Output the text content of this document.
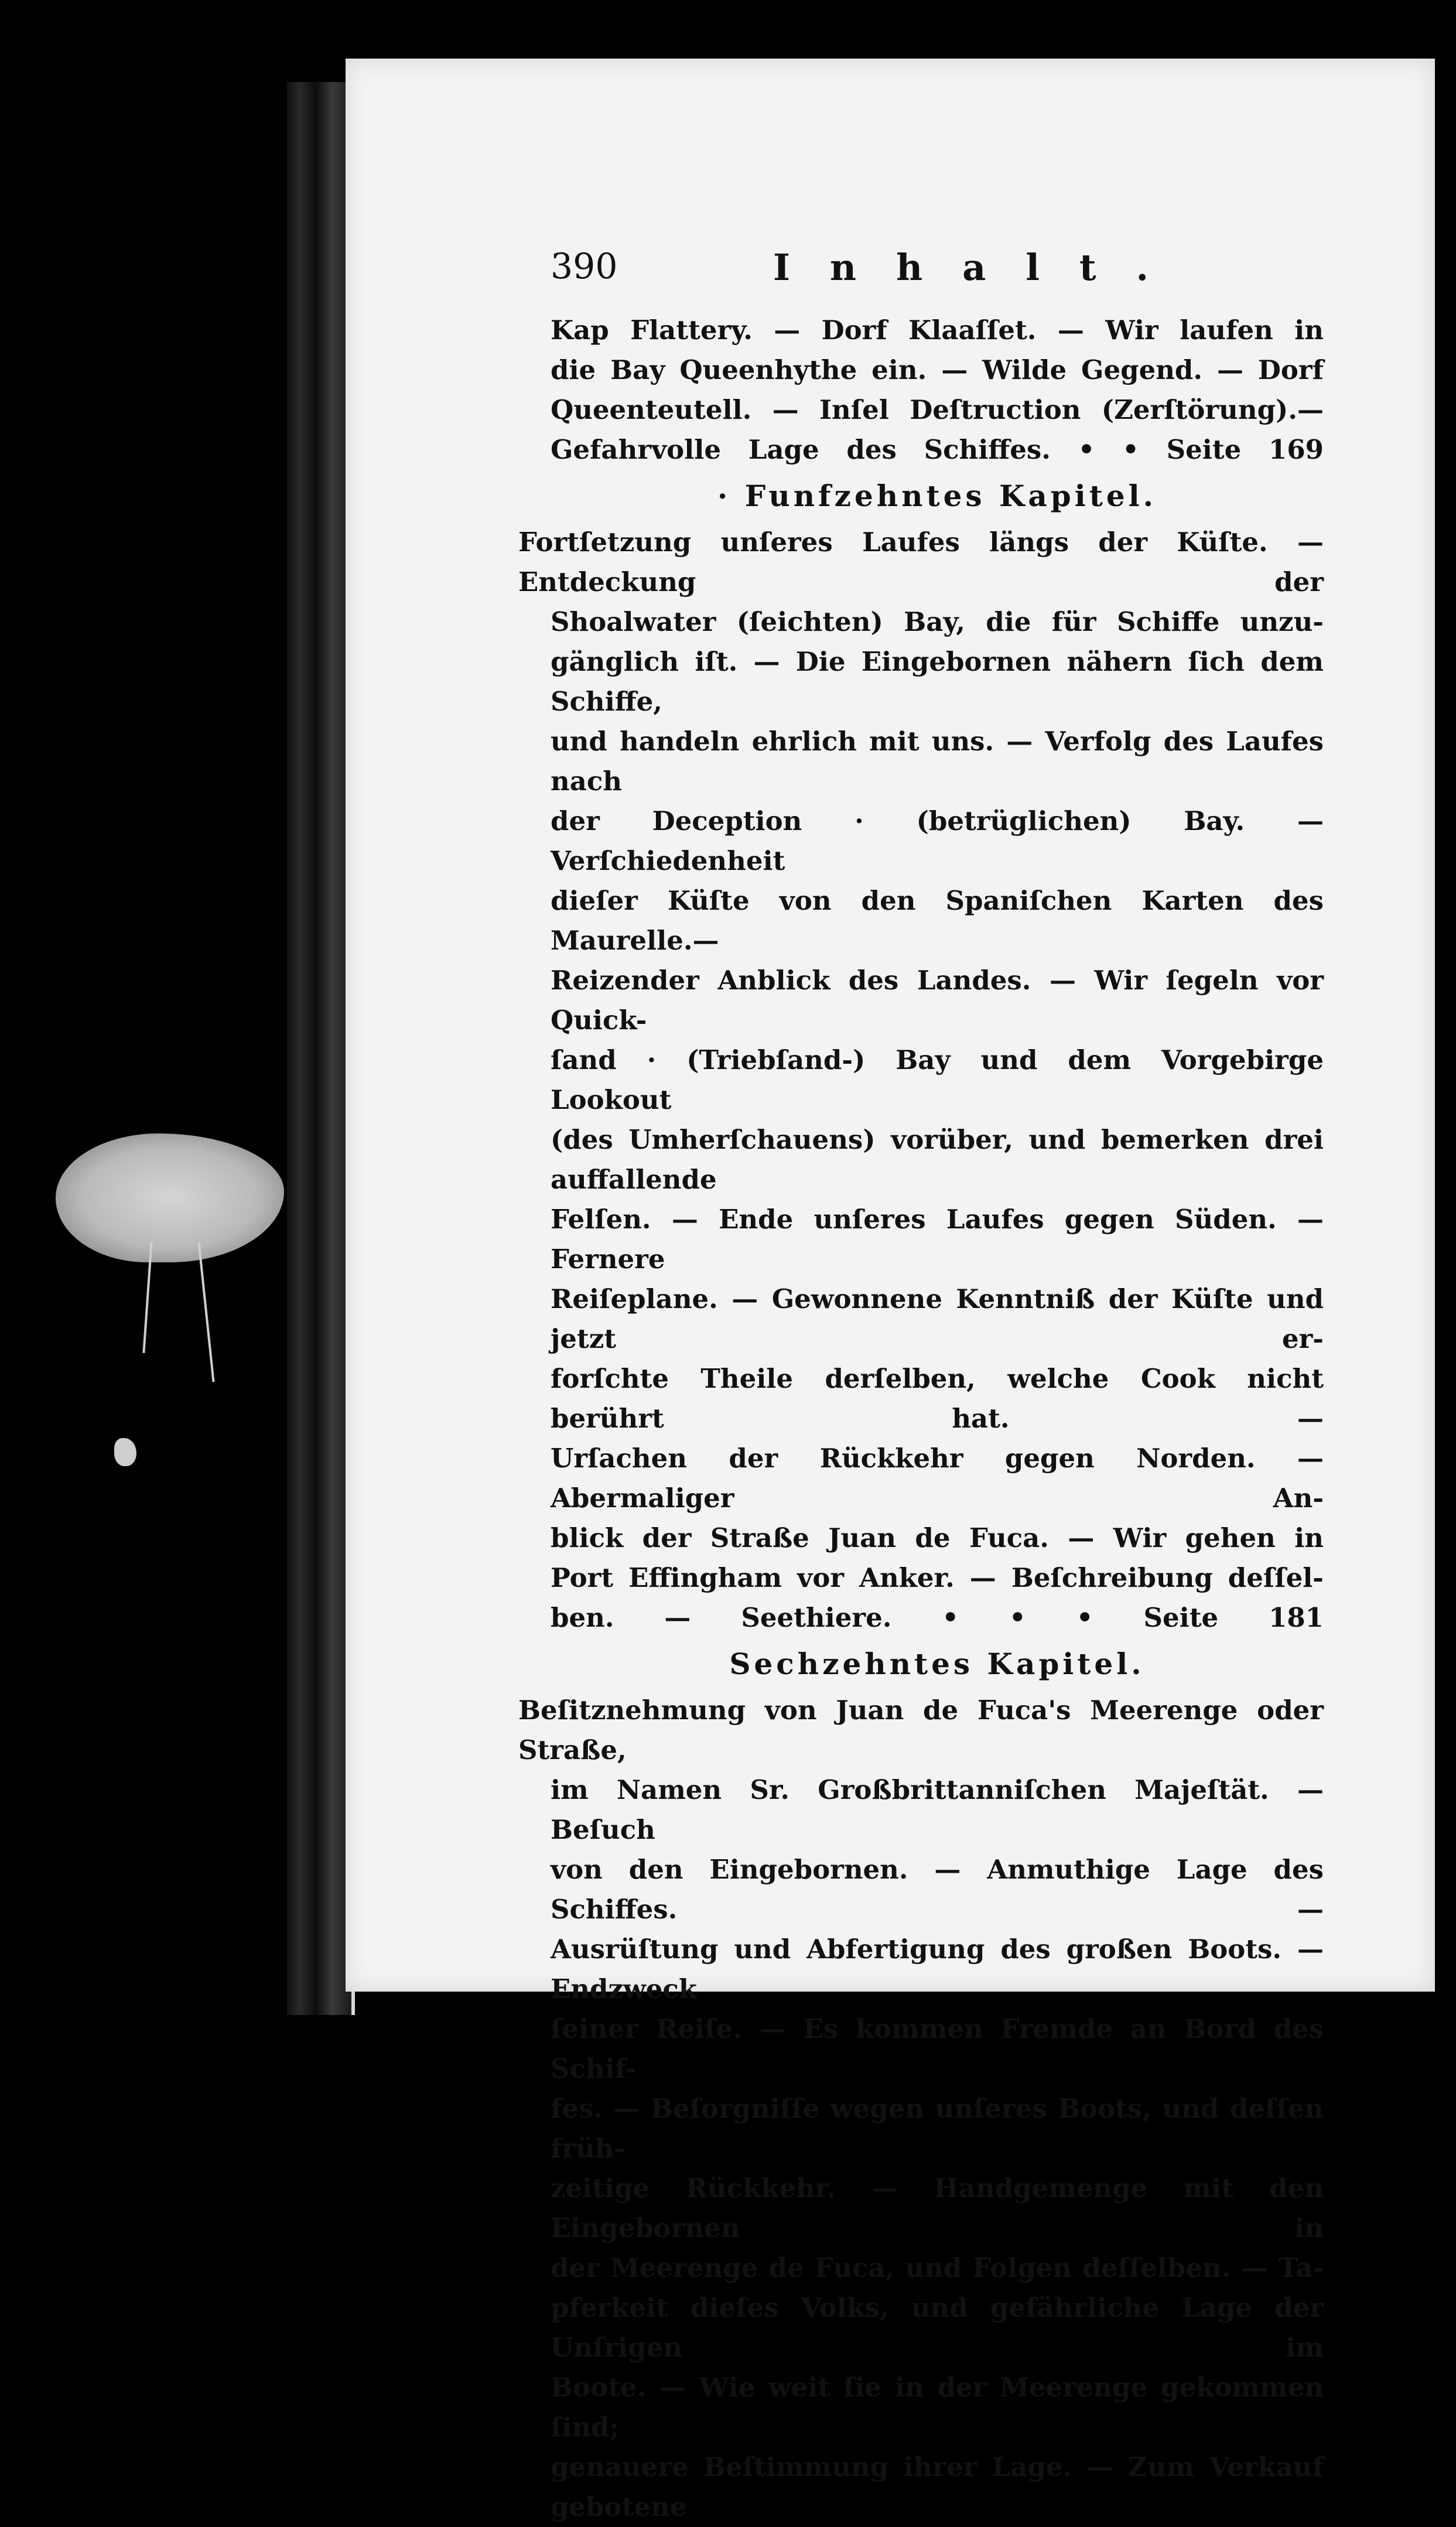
390	Inhalt.
Kap Flattery. — Dorf Klaaſſet. — Wir laufen in
die Bay Queenhythe ein. — Wilde Gegend. — Dorf
Queenteutell. — Inſel Deſtruction (Zerſtörung).—
Gefahrvolle Lage des Schiffes. • • Seite 169
· Funfzehntes Kapitel.
Fortſetzung unſeres Laufes längs der Küſte. — Entdeckung der
Shoalwater (ſeichten) Bay, die für Schiffe unzu-
gänglich iſt. — Die Eingebornen nähern ſich dem Schiffe,
und handeln ehrlich mit uns. — Verfolg des Laufes nach
der Deception · (betrüglichen) Bay. — Verſchiedenheit
dieſer Küſte von den Spaniſchen Karten des Maurelle.—
Reizender Anblick des Landes. — Wir ſegeln vor Quick-
ſand · (Triebſand-) Bay und dem Vorgebirge Lookout
(des Umherſchauens) vorüber, und bemerken drei auffallende
Felſen. — Ende unſeres Laufes gegen Süden. — Fernere
Reiſeplane. — Gewonnene Kenntniß der Küſte und jetzt er-
forſchte Theile derſelben, welche Cook nicht berührt hat. —
Urſachen der Rückkehr gegen Norden. — Abermaliger An-
blick der Straße Juan de Fuca. — Wir gehen in
Port Effingham vor Anker. — Beſchreibung deſſel-
ben. — Seethiere. • • • Seite 181
Sechzehntes Kapitel.
Beſitznehmung von Juan de Fuca's Meerenge oder Straße,
im Namen Sr. Großbrittanniſchen Majeſtät. — Beſuch
von den Eingebornen. — Anmuthige Lage des Schiffes. —
Ausrüſtung und Abfertigung des großen Boots. — Endzweck
ſeiner Reiſe. — Es kommen Fremde an Bord des Schif-
fes. — Beſorgniſſe wegen unſeres Boots, und deſſen früh-
zeitige Rückkehr. — Handgemenge mit den Eingebornen in
der Meerenge de Fuca, und Folgen deſſelben. — Ta-
pferkeit dieſes Volks, und gefährliche Lage der Unſrigen im
Boote. — Wie weit ſie in der Meerenge gekommen ſind;
genauere Beſtimmung ihrer Lage. — Zum Verkauf gebotene
